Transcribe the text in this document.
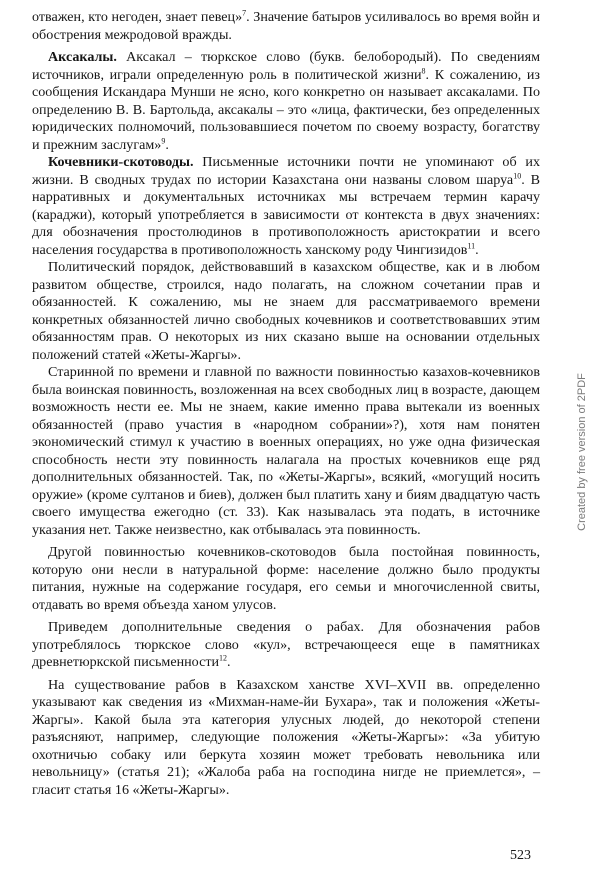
отважен, кто негоден, знает певец»$^7$. Значение батыров усиливалось во время войн и обострения межродовой вражды.

Аксакалы. Аксакал – тюркское слово (букв. белобородый). По сведениям источников, играли определенную роль в политической жизни$^8$. К сожалению, из сообщения Искандара Мунши не ясно, кого конкретно он называет аксакалами. По определению В. В. Бартольда, аксакалы – это «лица, фактически, без определенных юридических полномочий, пользовавшиеся почетом по своему возрасту, богатству и прежним заслугам»$^9$.

Кочевники-скотоводы. Письменные источники почти не упоминают об их жизни. В сводных трудах по истории Казахстана они названы словом шаруа$^{10}$. В нарративных и документальных источниках мы встречаем термин карачу (караджи), который употребляется в зависимости от контекста в двух значениях: для обозначения простолюдинов в противоположность аристократии и всего населения государства в противоположность ханскому роду Чингизидов$^{11}$.

Политический порядок, действовавший в казахском обществе, как и в любом развитом обществе, строился, надо полагать, на сложном сочетании прав и обязанностей. К сожалению, мы не знаем для рассматриваемого времени конкретных обязанностей лично свободных кочевников и соответствовавших этим обязанностям прав. О некоторых из них сказано выше на основании отдельных положений статей «Жеты-Жаргы».

Старинной по времени и главной по важности повинностью казахов-кочевников была воинская повинность, возложенная на всех свободных лиц в возрасте, дающем возможность нести ее. Мы не знаем, какие именно права вытекали из военных обязанностей (право участия в «народном собрании»?), хотя нам понятен экономический стимул к участию в военных операциях, но уже одна физическая способность нести эту повинность налагала на простых кочевников еще ряд дополнительных обязанностей. Так, по «Жеты-Жаргы», всякий, «могущий носить оружие» (кроме султанов и биев), должен был платить хану и биям двадцатую часть своего имущества ежегодно (ст. 33). Как называлась эта подать, в источнике указания нет. Также неизвестно, как отбывалась эта повинность.

Другой повинностью кочевников-скотоводов была постойная повинность, которую они несли в натуральной форме: население должно было продукты питания, нужные на содержание государя, его семьи и многочисленной свиты, отдавать во время объезда ханом улусов.

Приведем дополнительные сведения о рабах. Для обозначения рабов употреблялось тюркское слово «кул», встречающееся еще в памятниках древнетюркской письменности$^{12}$.

На существование рабов в Казахском ханстве XVI–XVII вв. определенно указывают как сведения из «Михман-наме-йи Бухара», так и положения «Жеты- Жаргы». Какой была эта категория улусных людей, до некоторой степени разъясняют, например, следующие положения «Жеты-Жаргы»: «За убитую охотничью собаку или беркута хозяин может требовать невольника или невольницу» (статья 21); «Жалоба раба на господина нигде не приемлется», – гласит статья 16 «Жеты-Жаргы».

Created by free version of 2PDF
523
